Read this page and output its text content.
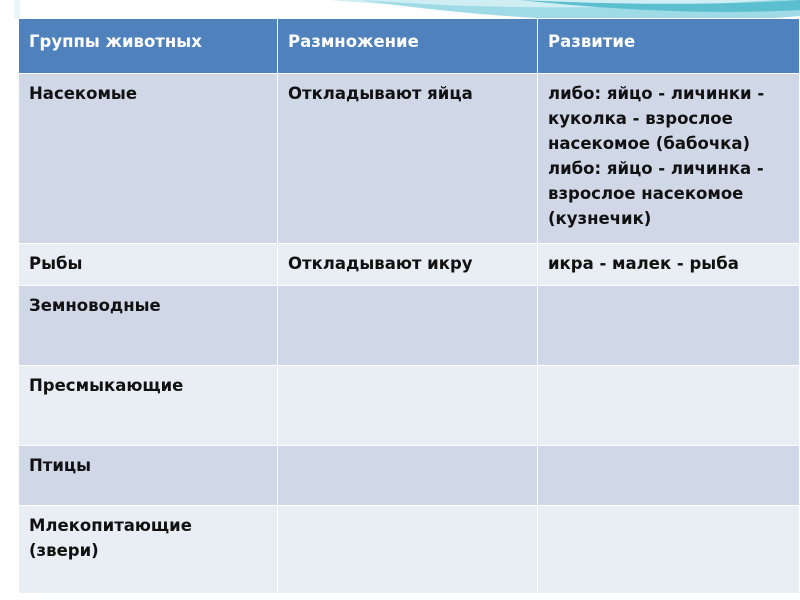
Группы животных	Размножение	Развитие
Насекомые	Откладывают яйца	либо: яйцо - личинки - куколка - взрослое насекомое (бабочка) либо: яйцо - личинка - взрослое насекомое (кузнечик)
Рыбы	Откладывают икру	икра - малек - рыба
Земноводные		
Пресмыкающие		
Птицы		
Млекопитающие (звери)		
